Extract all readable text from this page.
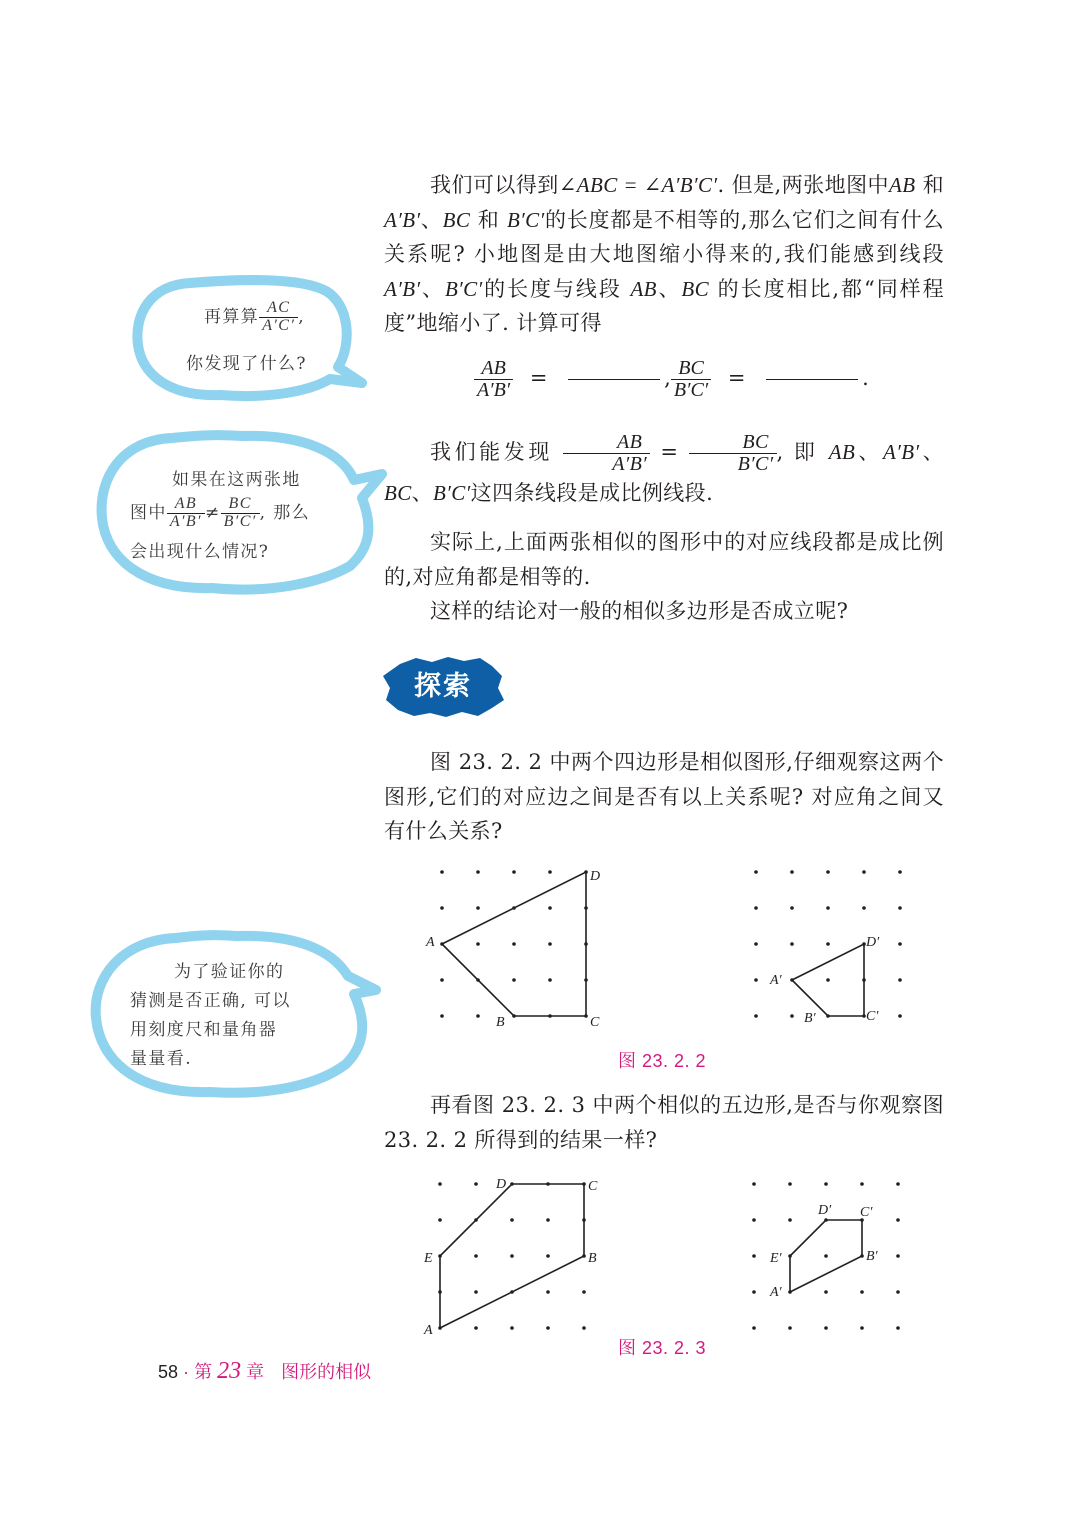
再算算 $\frac{AC}{A'C'}$ ,
你发现了什么?
如果在这两张地
图中 $\frac{AB}{A'B'} \ne \frac{BC}{B'C'}$ , 那么
会出现什么情况?
为了验证你的
猜测是否正确, 可以
用刻度尺和量角器
量量看.

我们可以得到∠ABC = ∠A′B′C′. 但是,两张地图中AB 和 A′B′、BC 和 B′C′的长度都是不相等的,那么它们之间有什么关系呢? 小地图是由大地图缩小得来的,我们能感到线段 A′B′、B′C′的长度与线段 AB、BC 的长度相比,都“同样程度”地缩小了. 计算可得

$\frac{AB}{A'B'}$ =	, $\frac{BC}{B'C'}$ =	.

我们能发现 $\frac{AB}{A'B'} = \frac{BC}{B'C'}$ , 即 AB、A′B′、BC、B′C′这四条线段是成比例线段.

实际上,上面两张相似的图形中的对应线段都是成比例的,对应角都是相等的.

这样的结论对一般的相似多边形是否成立呢?

探索

图 23. 2. 2 中两个四边形是相似图形,仔细观察这两个图形,它们的对应边之间是否有以上关系呢? 对应角之间又有什么关系?

A
B	C
D
A′
B′	C′
D′
图 23. 2. 2

再看图 23. 2. 3 中两个相似的五边形,是否与你观察图 23. 2. 2 所得到的结果一样?

A
B
C
D
E
A′
B′
C′
D′
E′
图 23. 2. 3
58 · 第 23 章 图形的相似
